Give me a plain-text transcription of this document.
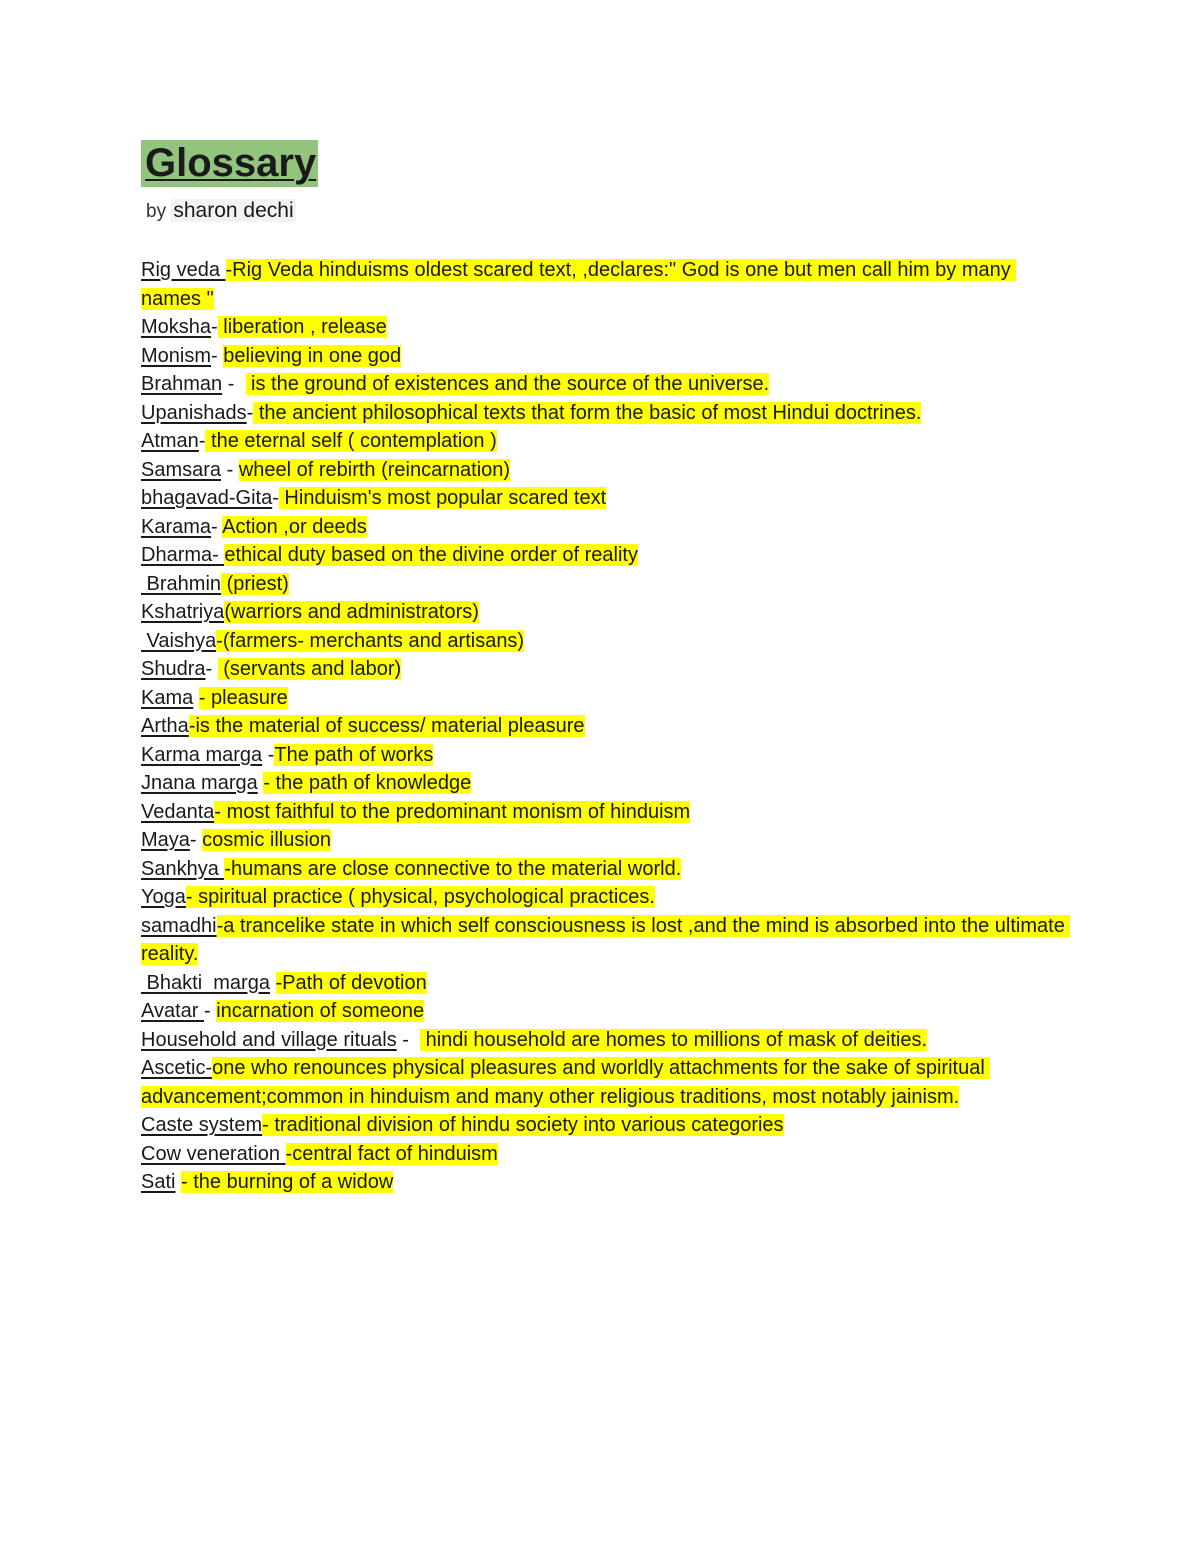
Glossary
by sharon dechi

Rig veda -Rig Veda hinduisms oldest scared text, ,declares:" God is one but men call him by many names "

Moksha- liberation , release

Monism- believing in one god

Brahman -   is the ground of existences and the source of the universe.

Upanishads- the ancient philosophical texts that form the basic of most Hindui doctrines.

Atman- the eternal self ( contemplation )

Samsara - wheel of rebirth (reincarnation)

bhagavad-Gita- Hinduism's most popular scared text

Karama- Action ,or deeds

Dharma- ethical duty based on the divine order of reality

Brahmin (priest)

Kshatriya(warriors and administrators)

Vaishya-(farmers- merchants and artisans)

Shudra-  (servants and labor)

Kama - pleasure

Artha-is the material of success/ material pleasure

Karma marga -The path of works

Jnana marga - the path of knowledge

Vedanta- most faithful to the predominant monism of hinduism

Maya- cosmic illusion

Sankhya -humans are close connective to the material world.

Yoga- spiritual practice ( physical, psychological practices.

samadhi-a trancelike state in which self consciousness is lost ,and the mind is absorbed into the ultimate reality.

Bhakti  marga -Path of devotion

Avatar - incarnation of someone

Household and village rituals -   hindi household are homes to millions of mask of deities.

Ascetic-one who renounces physical pleasures and worldly attachments for the sake of spiritual advancement;common in hinduism and many other religious traditions, most notably jainism.

Caste system- traditional division of hindu society into various categories

Cow veneration -central fact of hinduism

Sati - the burning of a widow
